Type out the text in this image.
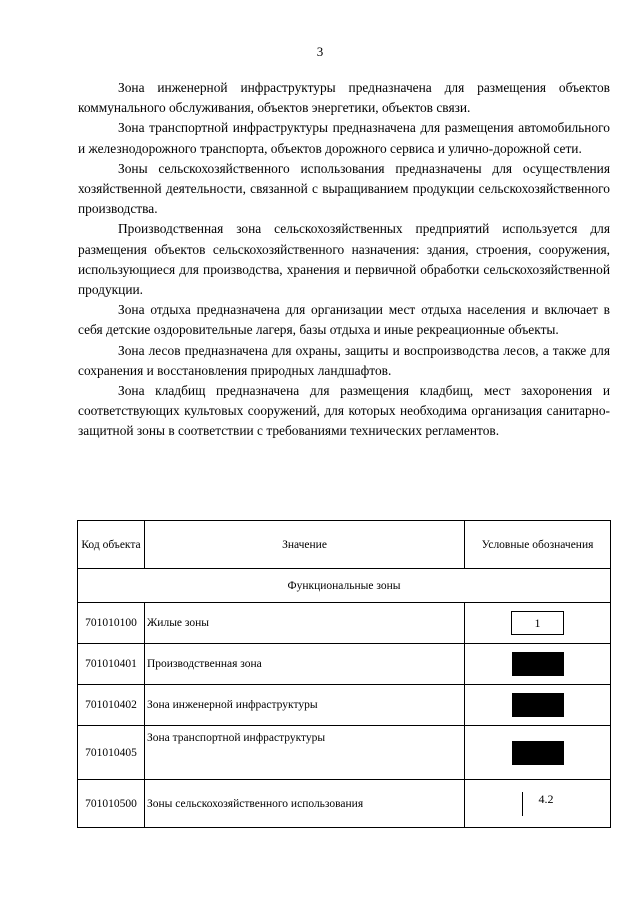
3

Зона инженерной инфраструктуры предназначена для размещения объектов коммунального обслуживания, объектов энергетики, объектов связи.

Зона транспортной инфраструктуры предназначена для размещения автомобильного и железнодорожного транспорта, объектов дорожного сервиса и улично-дорожной сети.

Зоны сельскохозяйственного использования предназначены для осуществления хозяйственной деятельности, связанной с выращиванием продукции сельскохозяйственного производства.

Производственная зона сельскохозяйственных предприятий используется для размещения объектов сельскохозяйственного назначения: здания, строения, сооружения, использующиеся для производства, хранения и первичной обработки сельскохозяйственной продукции.

Зона отдыха предназначена для организации мест отдыха населения и включает в себя детские оздоровительные лагеря, базы отдыха и иные рекреационные объекты.

Зона лесов предназначена для охраны, защиты и воспроизводства лесов, а также для сохранения и восстановления природных ландшафтов.

Зона кладбищ предназначена для размещения кладбищ, мест захоронения и соответствующих культовых сооружений, для которых необходима организация санитарно-защитной зоны в соответствии с требованиями технических регламентов.

Код объекта	Значение	Условные обозначения
Функциональные зоны		
701010100	Жилые зоны	1
701010401	Производственная зона	
701010402	Зона инженерной инфраструктуры	
701010405	Зона транспортной инфраструктуры	
701010500	Зоны сельскохозяйственного использования	4.2
